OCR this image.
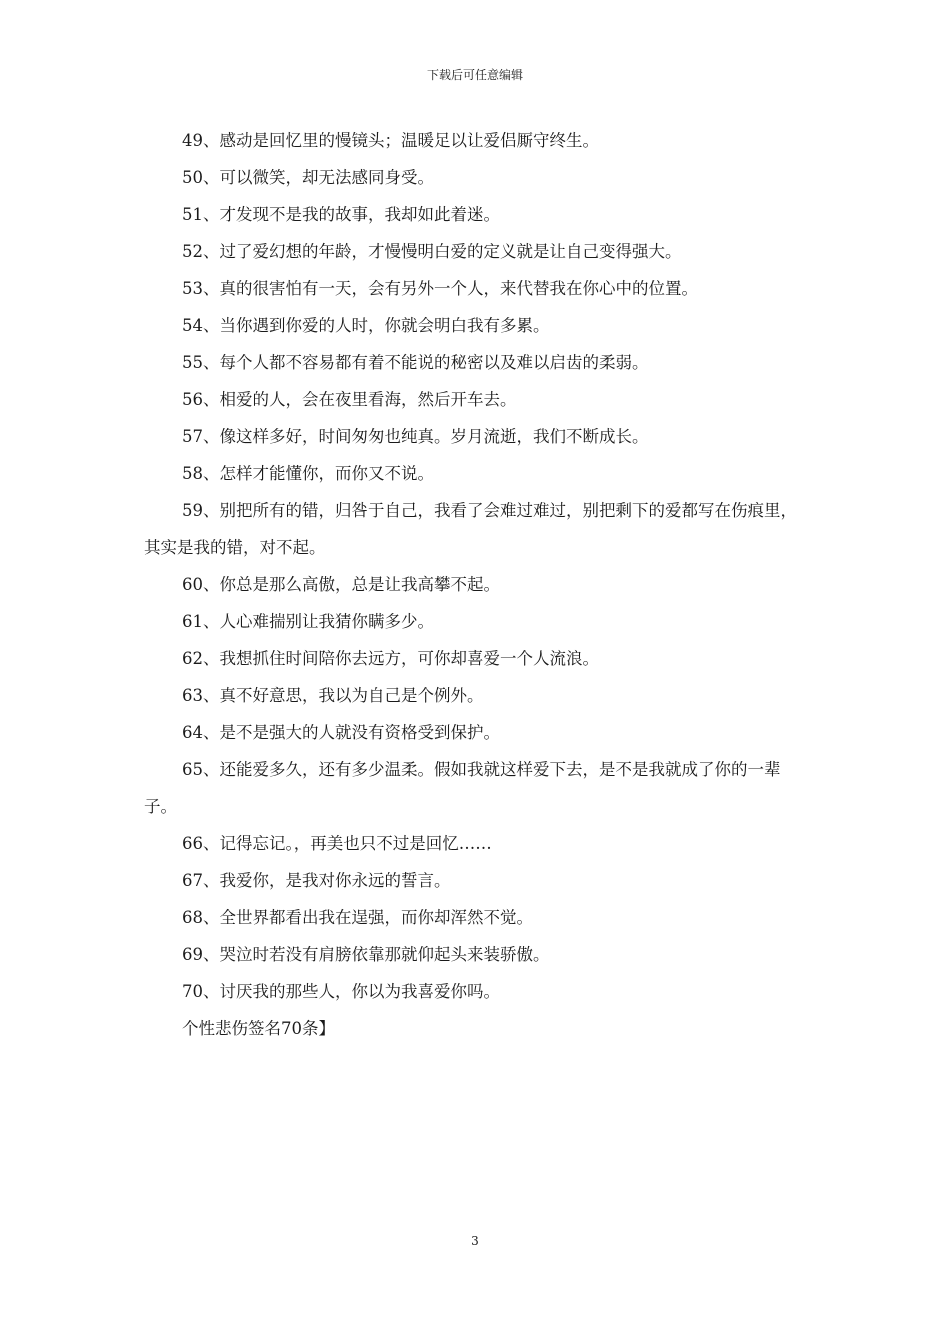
下载后可任意编辑

49、感动是回忆里的慢镜头；温暖足以让爱侣厮守终生。

50、可以微笑，却无法感同身受。

51、才发现不是我的故事，我却如此着迷。

52、过了爱幻想的年龄，才慢慢明白爱的定义就是让自己变得强大。

53、真的很害怕有一天，会有另外一个人，来代替我在你心中的位置。

54、当你遇到你爱的人时，你就会明白我有多累。

55、每个人都不容易都有着不能说的秘密以及难以启齿的柔弱。

56、相爱的人，会在夜里看海，然后开车去。

57、像这样多好，时间匆匆也纯真。岁月流逝，我们不断成长。

58、怎样才能懂你，而你又不说。

59、别把所有的错，归咎于自己，我看了会难过难过，别把剩下的爱都写在伤痕里，其实是我的错，对不起。

60、你总是那么高傲，总是让我高攀不起。

61、人心难揣别让我猜你瞒多少。

62、我想抓住时间陪你去远方，可你却喜爱一个人流浪。

63、真不好意思，我以为自己是个例外。

64、是不是强大的人就没有资格受到保护。

65、还能爱多久，还有多少温柔。假如我就这样爱下去，是不是我就成了你的一辈子。

66、记得忘记。，再美也只不过是回忆……

67、我爱你，是我对你永远的誓言。

68、全世界都看出我在逞强，而你却浑然不觉。

69、哭泣时若没有肩膀依靠那就仰起头来装骄傲。

70、讨厌我的那些人，你以为我喜爱你吗。

个性悲伤签名70条】

3
